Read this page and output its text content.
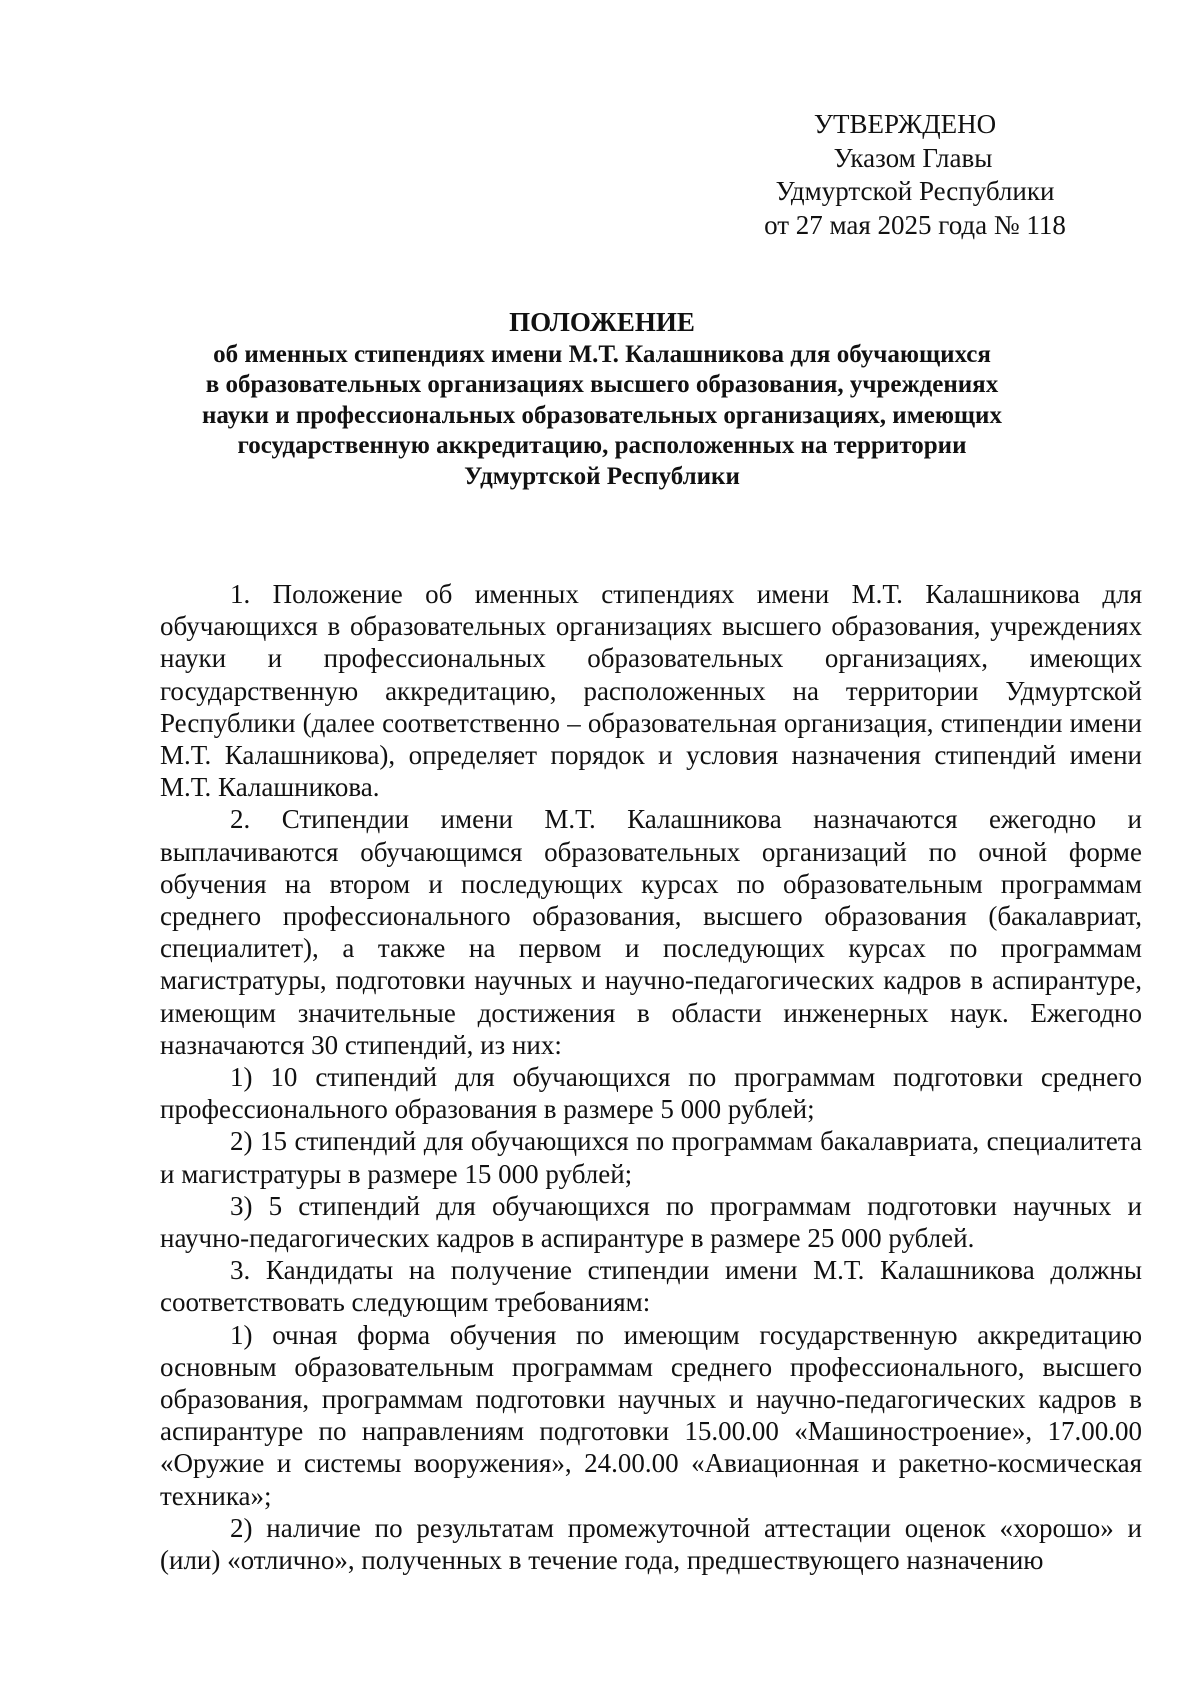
УТВЕРЖДЕНО
Указом Главы
Удмуртской Республики
от 27 мая 2025 года № 118
ПОЛОЖЕНИЕ
об именных стипендиях имени М.Т. Калашникова для обучающихся
в образовательных организациях высшего образования, учреждениях
науки и профессиональных образовательных организациях, имеющих
государственную аккредитацию, расположенных на территории
Удмуртской Республики

1. Положение об именных стипендиях имени М.Т. Калашникова для обучающихся в образовательных организациях высшего образования, учреждениях науки и профессиональных образовательных организациях, имеющих государственную аккредитацию, расположенных на территории Удмуртской Республики (далее соответственно – образовательная организация, стипендии имени М.Т. Калашникова), определяет порядок и условия назначения стипендий имени М.Т. Калашникова.

2. Стипендии имени М.Т. Калашникова назначаются ежегодно и выплачиваются обучающимся образовательных организаций по очной форме обучения на втором и последующих курсах по образовательным программам среднего профессионального образования, высшего образования (бакалавриат, специалитет), а также на первом и последующих курсах по программам магистратуры, подготовки научных и научно-педагогических кадров в аспирантуре, имеющим значительные достижения в области инженерных наук. Ежегодно назначаются 30 стипендий, из них:

1) 10 стипендий для обучающихся по программам подготовки среднего профессионального образования в размере 5 000 рублей;

2) 15 стипендий для обучающихся по программам бакалавриата, специалитета и магистратуры в размере 15 000 рублей;

3) 5 стипендий для обучающихся по программам подготовки научных и научно-педагогических кадров в аспирантуре в размере 25 000 рублей.

3. Кандидаты на получение стипендии имени М.Т. Калашникова должны соответствовать следующим требованиям:

1) очная форма обучения по имеющим государственную аккредитацию основным образовательным программам среднего профессионального, высшего образования, программам подготовки научных и научно-педагогических кадров в аспирантуре по направлениям подготовки 15.00.00 «Машиностроение», 17.00.00 «Оружие и системы вооружения», 24.00.00 «Авиационная и ракетно-космическая техника»;

2) наличие по результатам промежуточной аттестации оценок «хорошо» и (или) «отлично», полученных в течение года, предшествующего назначению
